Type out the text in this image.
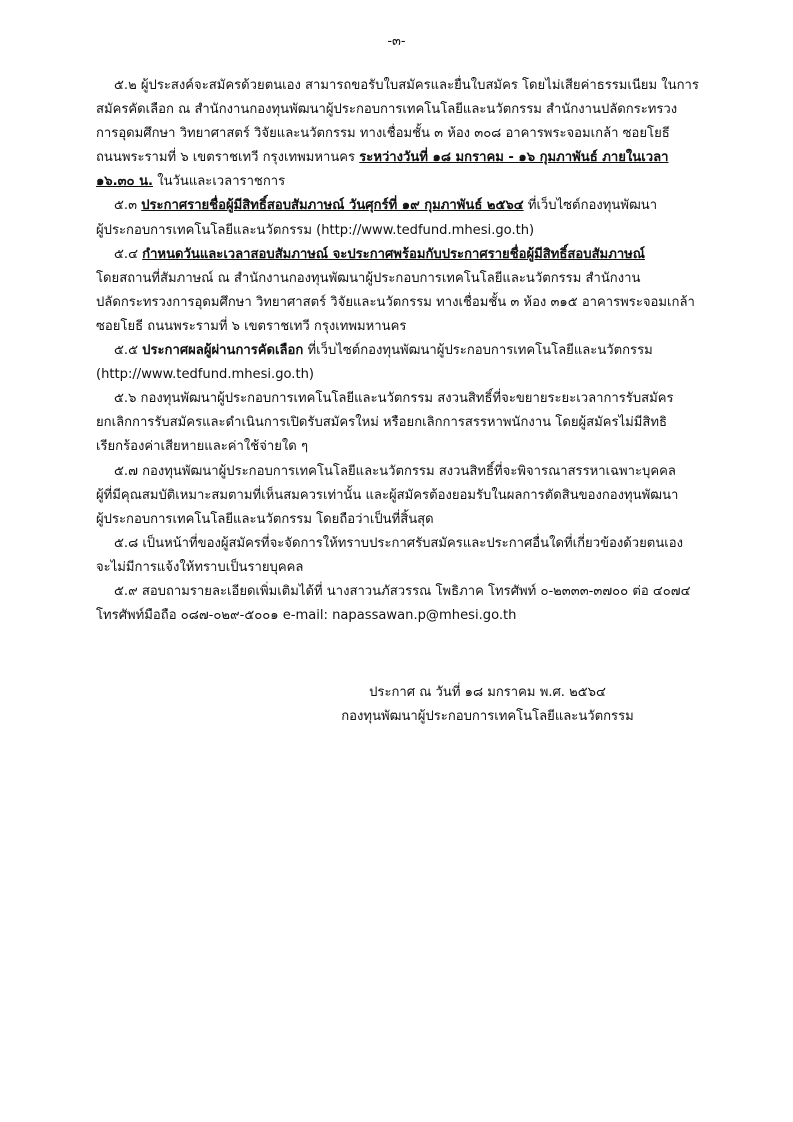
-๓-
๕.๒ ผู้ประสงค์จะสมัครด้วยตนเอง สามารถขอรับใบสมัครและยื่นใบสมัคร โดยไม่เสียค่าธรรมเนียม ในการ
สมัครคัดเลือก ณ สำนักงานกองทุนพัฒนาผู้ประกอบการเทคโนโลยีและนวัตกรรม สำนักงานปลัดกระทรวง
การอุดมศึกษา วิทยาศาสตร์ วิจัยและนวัตกรรม ทางเชื่อมชั้น ๓ ห้อง ๓๐๘ อาคารพระจอมเกล้า ซอยโยธี
ถนนพระรามที่ ๖ เขตราชเทวี กรุงเทพมหานคร ระหว่างวันที่ ๑๘ มกราคม - ๑๖ กุมภาพันธ์ ภายในเวลา
๑๖.๓๐ น. ในวันและเวลาราชการ
๕.๓ ประกาศรายชื่อผู้มีสิทธิ์สอบสัมภาษณ์ วันศุกร์ที่ ๑๙ กุมภาพันธ์ ๒๕๖๔ ที่เว็บไซต์กองทุนพัฒนา
ผู้ประกอบการเทคโนโลยีและนวัตกรรม (http://www.tedfund.mhesi.go.th)
๕.๔ กำหนดวันและเวลาสอบสัมภาษณ์ จะประกาศพร้อมกับประกาศรายชื่อผู้มีสิทธิ์สอบสัมภาษณ์
โดยสถานที่สัมภาษณ์ ณ สำนักงานกองทุนพัฒนาผู้ประกอบการเทคโนโลยีและนวัตกรรม สำนักงาน
ปลัดกระทรวงการอุดมศึกษา วิทยาศาสตร์ วิจัยและนวัตกรรม ทางเชื่อมชั้น ๓ ห้อง ๓๑๕ อาคารพระจอมเกล้า
ซอยโยธี ถนนพระรามที่ ๖ เขตราชเทวี กรุงเทพมหานคร
๕.๕ ประกาศผลผู้ผ่านการคัดเลือก ที่เว็บไซต์กองทุนพัฒนาผู้ประกอบการเทคโนโลยีและนวัตกรรม
(http://www.tedfund.mhesi.go.th)
๕.๖ กองทุนพัฒนาผู้ประกอบการเทคโนโลยีและนวัตกรรม สงวนสิทธิ์ที่จะขยายระยะเวลาการรับสมัคร
ยกเลิกการรับสมัครและดำเนินการเปิดรับสมัครใหม่ หรือยกเลิกการสรรหาพนักงาน โดยผู้สมัครไม่มีสิทธิ
เรียกร้องค่าเสียหายและค่าใช้จ่ายใด ๆ
๕.๗ กองทุนพัฒนาผู้ประกอบการเทคโนโลยีและนวัตกรรม สงวนสิทธิ์ที่จะพิจารณาสรรหาเฉพาะบุคคล
ผู้ที่มีคุณสมบัติเหมาะสมตามที่เห็นสมควรเท่านั้น และผู้สมัครต้องยอมรับในผลการตัดสินของกองทุนพัฒนา
ผู้ประกอบการเทคโนโลยีและนวัตกรรม โดยถือว่าเป็นที่สิ้นสุด
๕.๘ เป็นหน้าที่ของผู้สมัครที่จะจัดการให้ทราบประกาศรับสมัครและประกาศอื่นใดที่เกี่ยวข้องด้วยตนเอง
จะไม่มีการแจ้งให้ทราบเป็นรายบุคคล
๕.๙ สอบถามรายละเอียดเพิ่มเติมได้ที่ นางสาวนภัสวรรณ โพธิภาค โทรศัพท์ ๐-๒๓๓๓-๓๗๐๐ ต่อ ๔๐๗๔
โทรศัพท์มือถือ ๐๘๗-๐๒๙-๕๐๐๑ e-mail: napassawan.p@mhesi.go.th
ประกาศ ณ วันที่ ๑๘ มกราคม พ.ศ. ๒๕๖๔
กองทุนพัฒนาผู้ประกอบการเทคโนโลยีและนวัตกรรม
